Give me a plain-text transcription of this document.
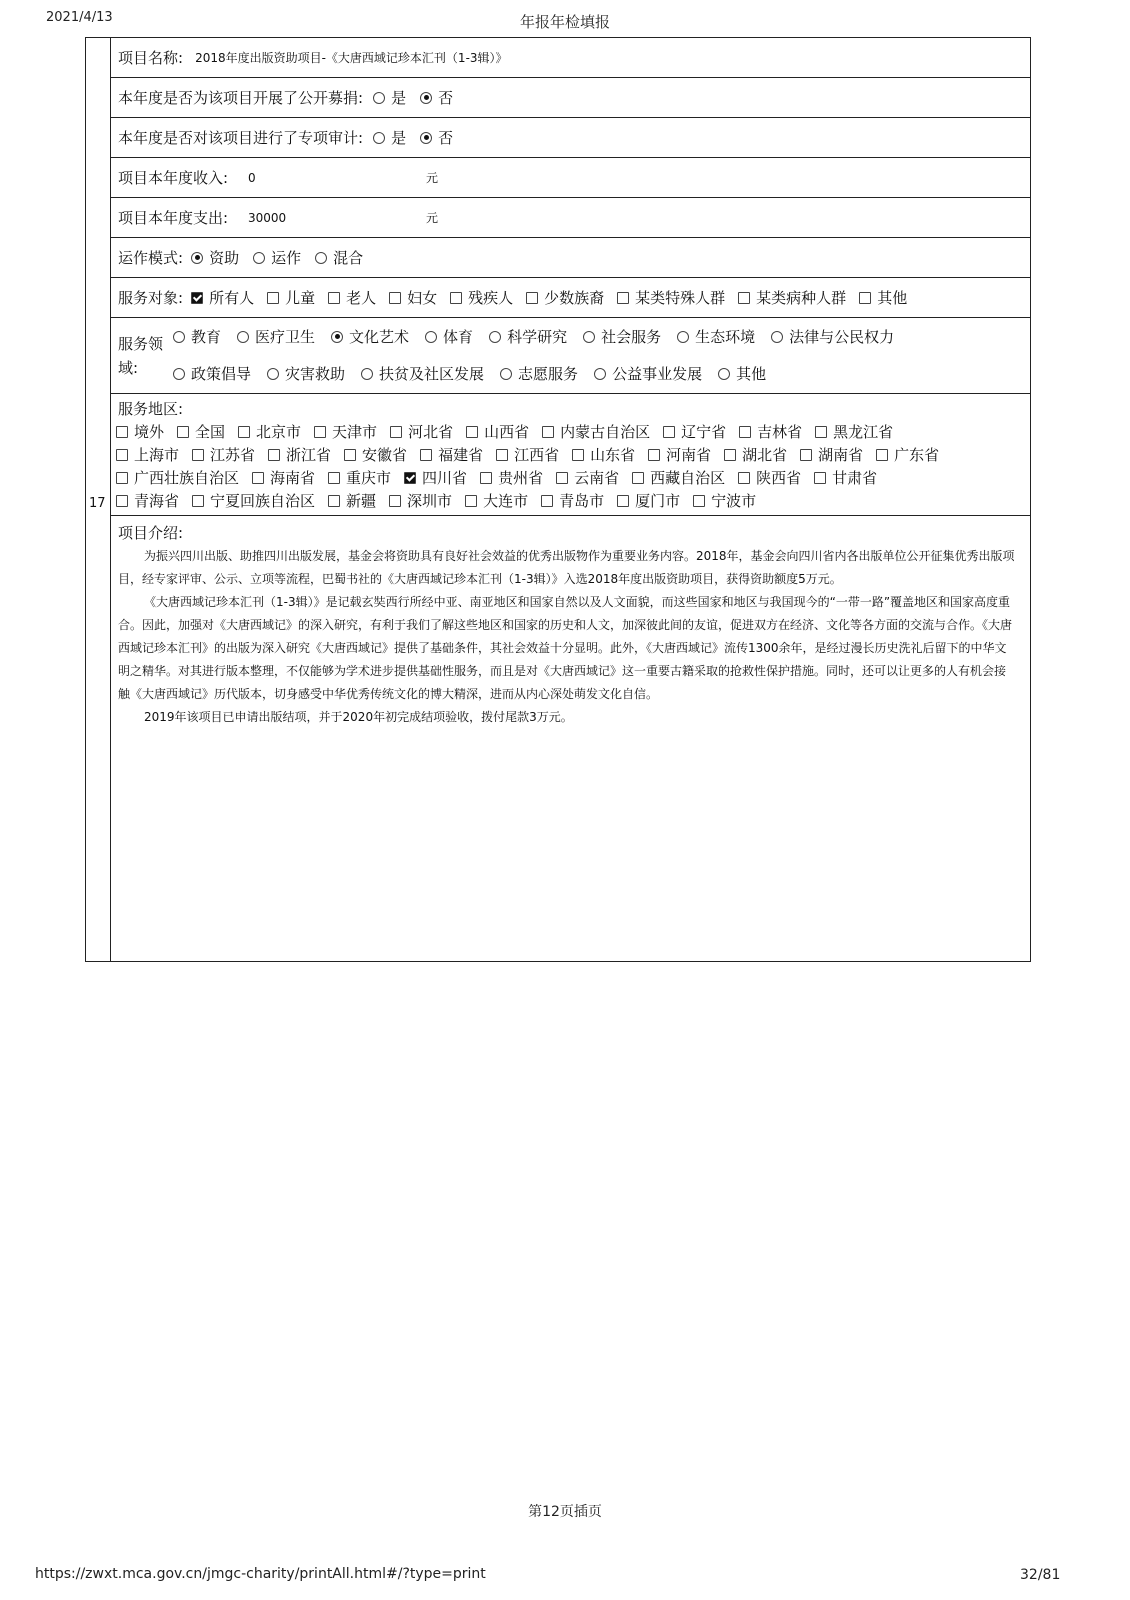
2021/4/13	年报年检填报
17
项目名称: 2018年度出版资助项目-《大唐西域记珍本汇刊（1-3辑）》
本年度是否为该项目开展了公开募捐: 是 否
本年度是否对该项目进行了专项审计: 是 否
项目本年度收入:	0	元
项目本年度支出:	30000	元
运作模式: 资助 运作 混合
服务对象: 所有人 儿童 老人 妇女 残疾人 少数族裔 某类特殊人群 某类病种人群 其他
服务领
域:
教育 医疗卫生 文化艺术 体育 科学研究 社会服务 生态环境 法律与公民权力
政策倡导 灾害救助 扶贫及社区发展 志愿服务 公益事业发展 其他
服务地区:
境外 全国 北京市 天津市 河北省 山西省 内蒙古自治区 辽宁省 吉林省 黑龙江省
上海市 江苏省 浙江省 安徽省 福建省 江西省 山东省 河南省 湖北省 湖南省 广东省
广西壮族自治区 海南省 重庆市 四川省 贵州省 云南省 西藏自治区 陕西省 甘肃省
青海省 宁夏回族自治区 新疆 深圳市 大连市 青岛市 厦门市 宁波市
项目介绍:

为振兴四川出版、助推四川出版发展，基金会将资助具有良好社会效益的优秀出版物作为重要业务内容。2018年，基金会向四川省内各出版单位公开征集优秀出版项目，经专家评审、公示、立项等流程，巴蜀书社的《大唐西域记珍本汇刊（1-3辑）》入选2018年度出版资助项目，获得资助额度5万元。

《大唐西域记珍本汇刊（1-3辑）》是记载玄奘西行所经中亚、南亚地区和国家自然以及人文面貌，而这些国家和地区与我国现今的“一带一路”覆盖地区和国家高度重合。因此，加强对《大唐西域记》的深入研究，有利于我们了解这些地区和国家的历史和人文，加深彼此间的友谊，促进双方在经济、文化等各方面的交流与合作。《大唐西域记珍本汇刊》的出版为深入研究《大唐西域记》提供了基础条件，其社会效益十分显明。此外，《大唐西域记》流传1300余年，是经过漫长历史洗礼后留下的中华文明之精华。对其进行版本整理，不仅能够为学术进步提供基础性服务，而且是对《大唐西域记》这一重要古籍采取的抢救性保护措施。同时，还可以让更多的人有机会接触《大唐西域记》历代版本，切身感受中华优秀传统文化的博大精深，进而从内心深处萌发文化自信。

2019年该项目已申请出版结项，并于2020年初完成结项验收，拨付尾款3万元。

第12页插页
https://zwxt.mca.gov.cn/jmgc-charity/printAll.html#/?type=print	32/81
